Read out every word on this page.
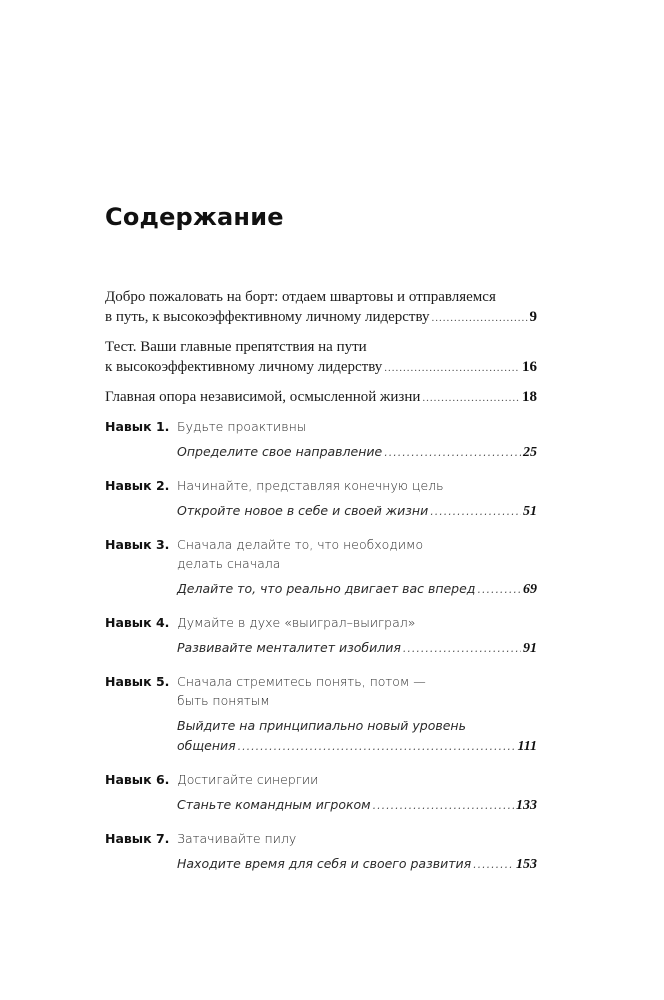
Содержание
Добро пожаловать на борт: отдаем швартовы и отправляемся
в путь, к высокоэффективному личному лидерству .....	9
Тест. Ваши главные препятствия на пути
к высокоэффективному личному лидерству .....	16
Главная опора независимой, осмысленной жизни .....	18
Навык 1. Будьте проактивны
Определите свое направление .....	25
Навык 2. Начинайте, представляя конечную цель
Откройте новое в себе и своей жизни .....	51
Навык 3. Сначала делайте то, что необходимо
делать сначала
Делайте то, что реально двигает вас вперед .....	69
Навык 4. Думайте в духе «выиграл–выиграл»
Развивайте менталитет изобилия .....	91
Навык 5. Сначала стремитесь понять, потом —
быть понятым
Выйдите на принципиально новый уровень
общения .....	111
Навык 6. Достигайте синергии
Станьте командным игроком .....	133
Навык 7. Затачивайте пилу
Находите время для себя и своего развития .....	153
